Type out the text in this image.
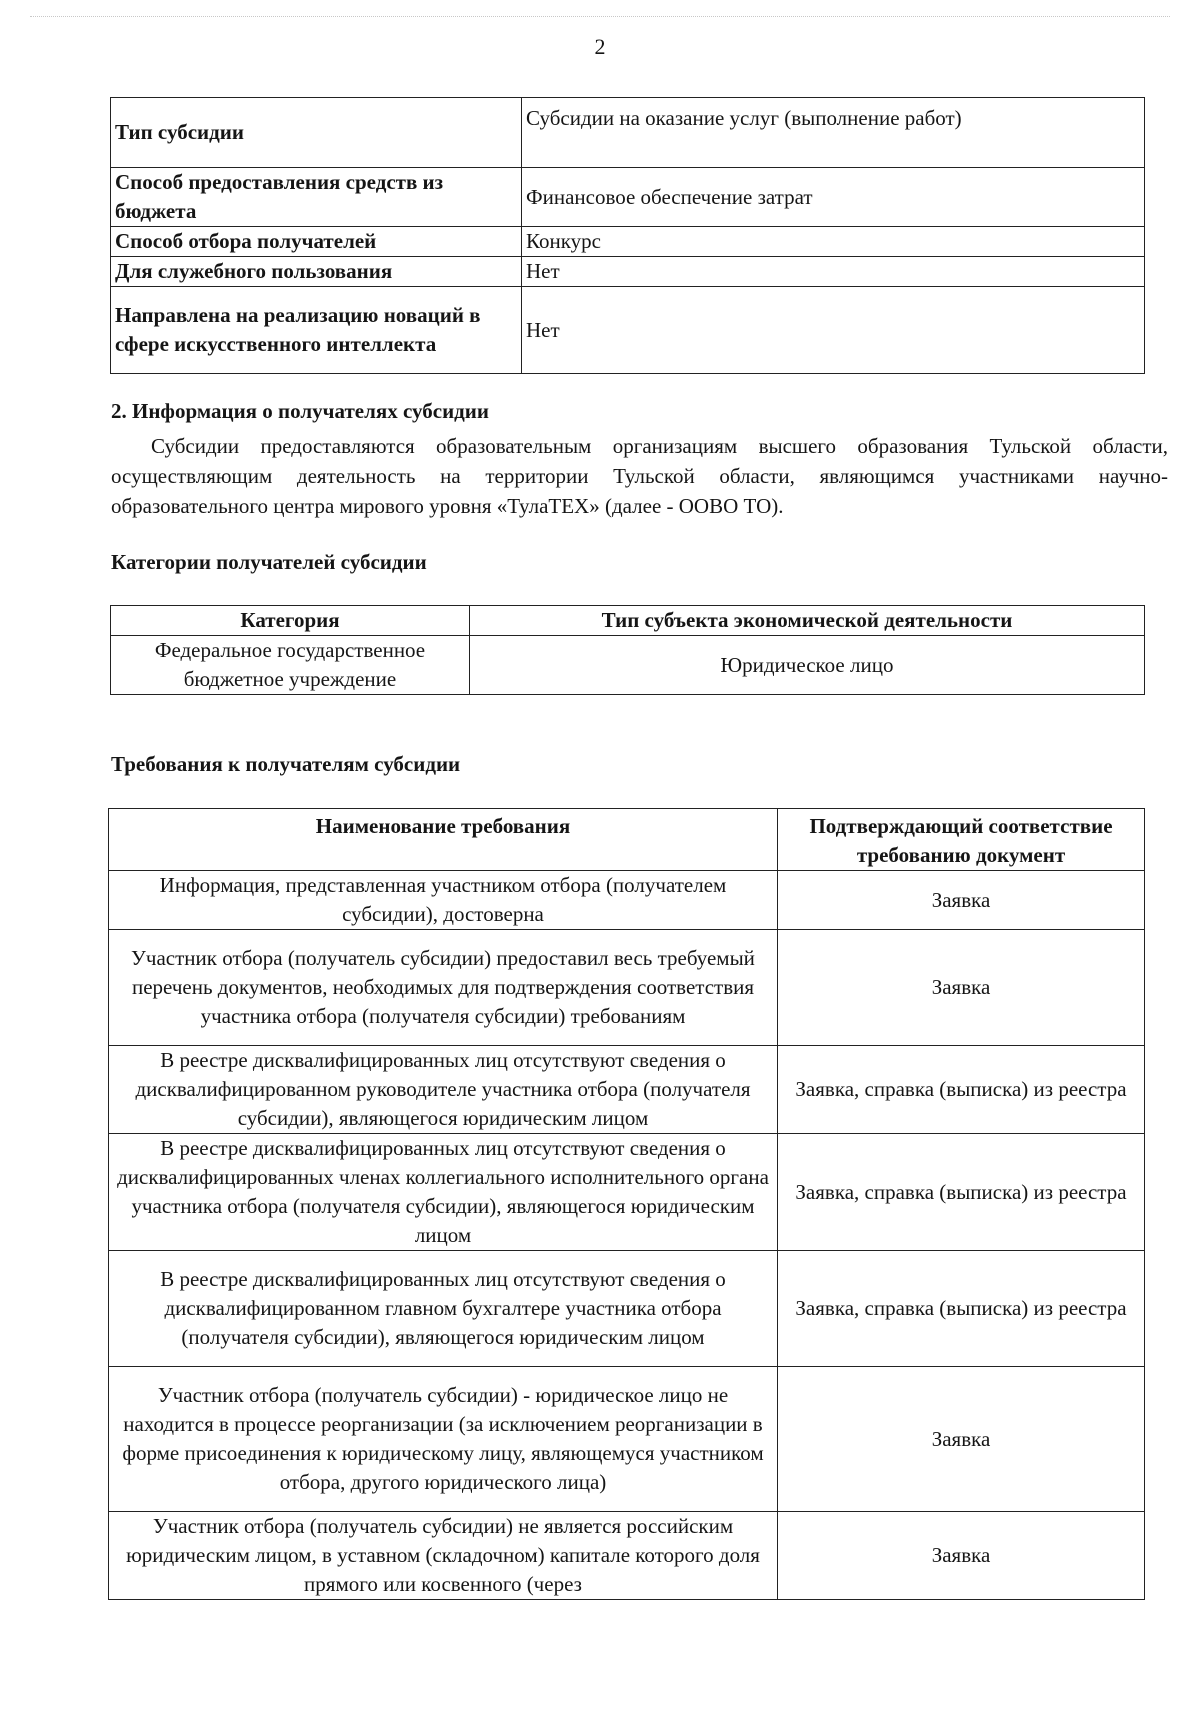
2
Тип субсидии	Субсидии на оказание услуг (выполнение работ)
Способ предоставления средств из бюджета	Финансовое обеспечение затрат
Способ отбора получателей	Конкурс
Для служебного пользования	Нет
Направлена на реализацию новаций в сфере искусственного интеллекта	Нет
2. Информация о получателях субсидии

Субсидии предоставляются образовательным организациям высшего образования Тульской области, осуществляющим деятельность на территории Тульской области, являющимся участниками научно-образовательного центра мирового уровня «ТулаТЕХ» (далее - ООВО ТО).

Категории получателей субсидии
Категория	Тип субъекта экономической деятельности
Федеральное государственное бюджетное учреждение	Юридическое лицо
Требования к получателям субсидии
Наименование требования	Подтверждающий соответствие требованию документ
Информация, представленная участником отбора (получателем субсидии), достоверна	Заявка
Участник отбора (получатель субсидии) предоставил весь требуемый перечень документов, необходимых для подтверждения соответствия участника отбора (получателя субсидии) требованиям	Заявка
В реестре дисквалифицированных лиц отсутствуют сведения о дисквалифицированном руководителе участника отбора (получателя субсидии), являющегося юридическим лицом	Заявка, справка (выписка) из реестра
В реестре дисквалифицированных лиц отсутствуют сведения о дисквалифицированных членах коллегиального исполнительного органа участника отбора (получателя субсидии), являющегося юридическим лицом	Заявка, справка (выписка) из реестра
В реестре дисквалифицированных лиц отсутствуют сведения о дисквалифицированном главном бухгалтере участника отбора (получателя субсидии), являющегося юридическим лицом	Заявка, справка (выписка) из реестра
Участник отбора (получатель субсидии) - юридическое лицо не находится в процессе реорганизации (за исключением реорганизации в форме присоединения к юридическому лицу, являющемуся участником отбора, другого юридического лица)	Заявка
Участник отбора (получатель субсидии) не является российским юридическим лицом, в уставном (складочном) капитале которого доля прямого или косвенного (через	Заявка
